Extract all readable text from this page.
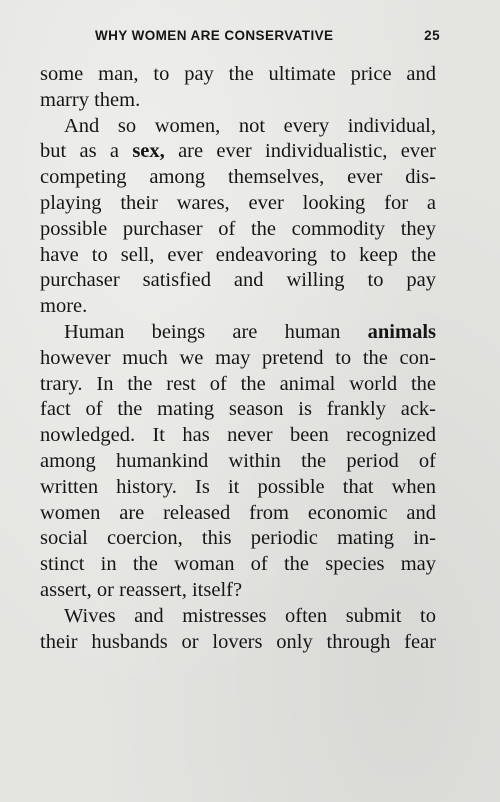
WHY WOMEN ARE CONSERVATIVE	25
some man, to pay the ultimate price and
marry them.
And so women, not every individual,
but as a sex, are ever individualistic, ever
competing among themselves, ever dis-
playing their wares, ever looking for a
possible purchaser of the commodity they
have to sell, ever endeavoring to keep the
purchaser satisfied and willing to pay
more.
Human beings are human animals
however much we may pretend to the con-
trary. In the rest of the animal world the
fact of the mating season is frankly ack-
nowledged. It has never been recognized
among humankind within the period of
written history. Is it possible that when
women are released from economic and
social coercion, this periodic mating in-
stinct in the woman of the species may
assert, or reassert, itself?
Wives and mistresses often submit to
their husbands or lovers only through fear
